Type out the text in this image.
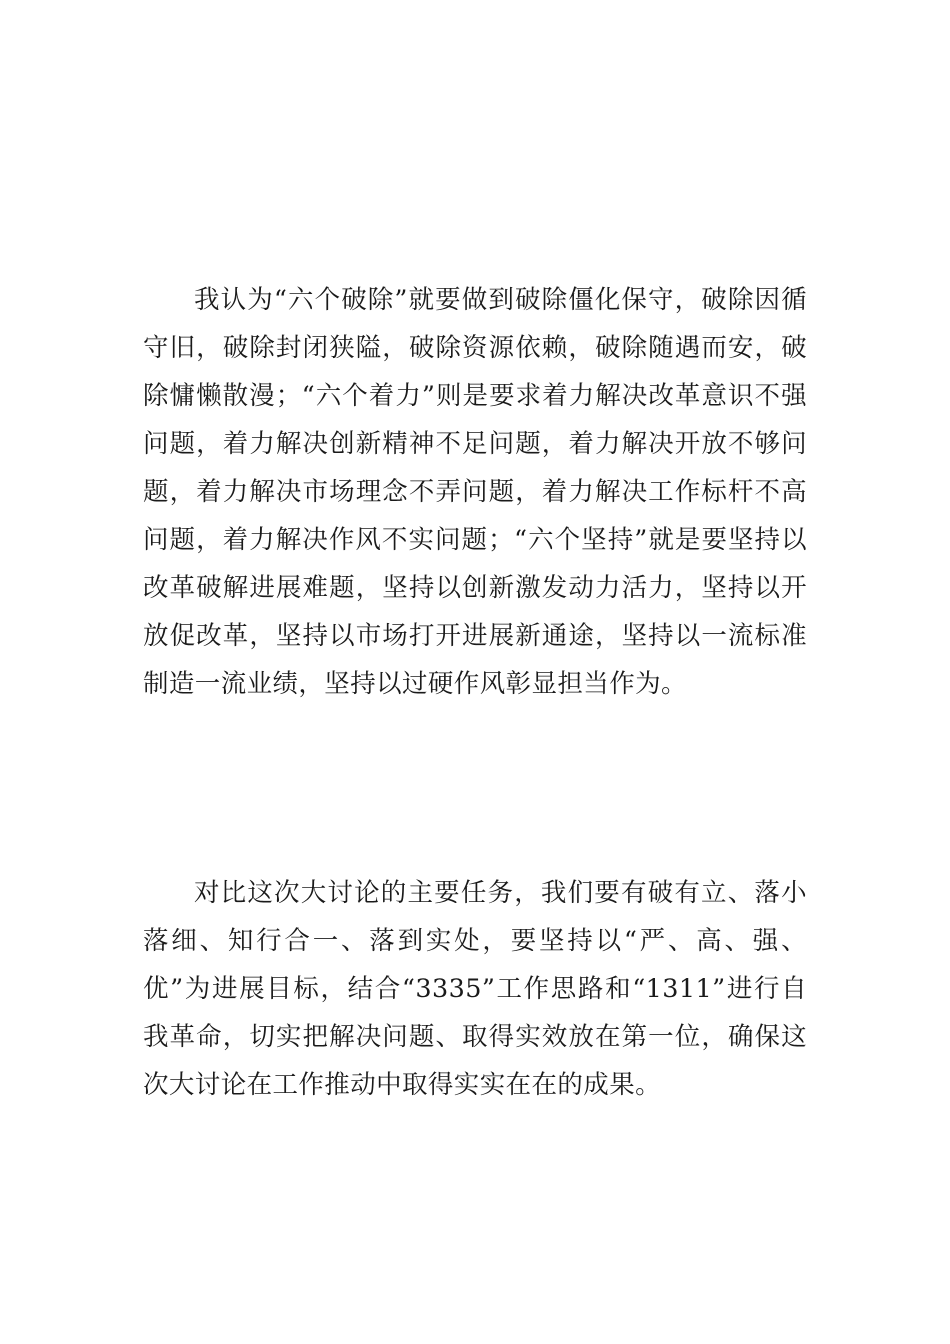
我认为“六个破除”就要做到破除僵化保守，破除因循守旧，破除封闭狭隘，破除资源依赖，破除随遇而安，破除慵懒散漫；“六个着力”则是要求着力解决改革意识不强问题，着力解决创新精神不足问题，着力解决开放不够问题，着力解决市场理念不弄问题，着力解决工作标杆不高问题，着力解决作风不实问题；“六个坚持”就是要坚持以改革破解进展难题，坚持以创新激发动力活力，坚持以开放促改革，坚持以市场打开进展新通途，坚持以一流标准制造一流业绩，坚持以过硬作风彰显担当作为。

对比这次大讨论的主要任务，我们要有破有立、落小落细、知行合一、落到实处，要坚持以“严、高、强、优”为进展目标，结合“3335”工作思路和“1311”进行自我革命，切实把解决问题、取得实效放在第一位，确保这次大讨论在工作推动中取得实实在在的成果。
